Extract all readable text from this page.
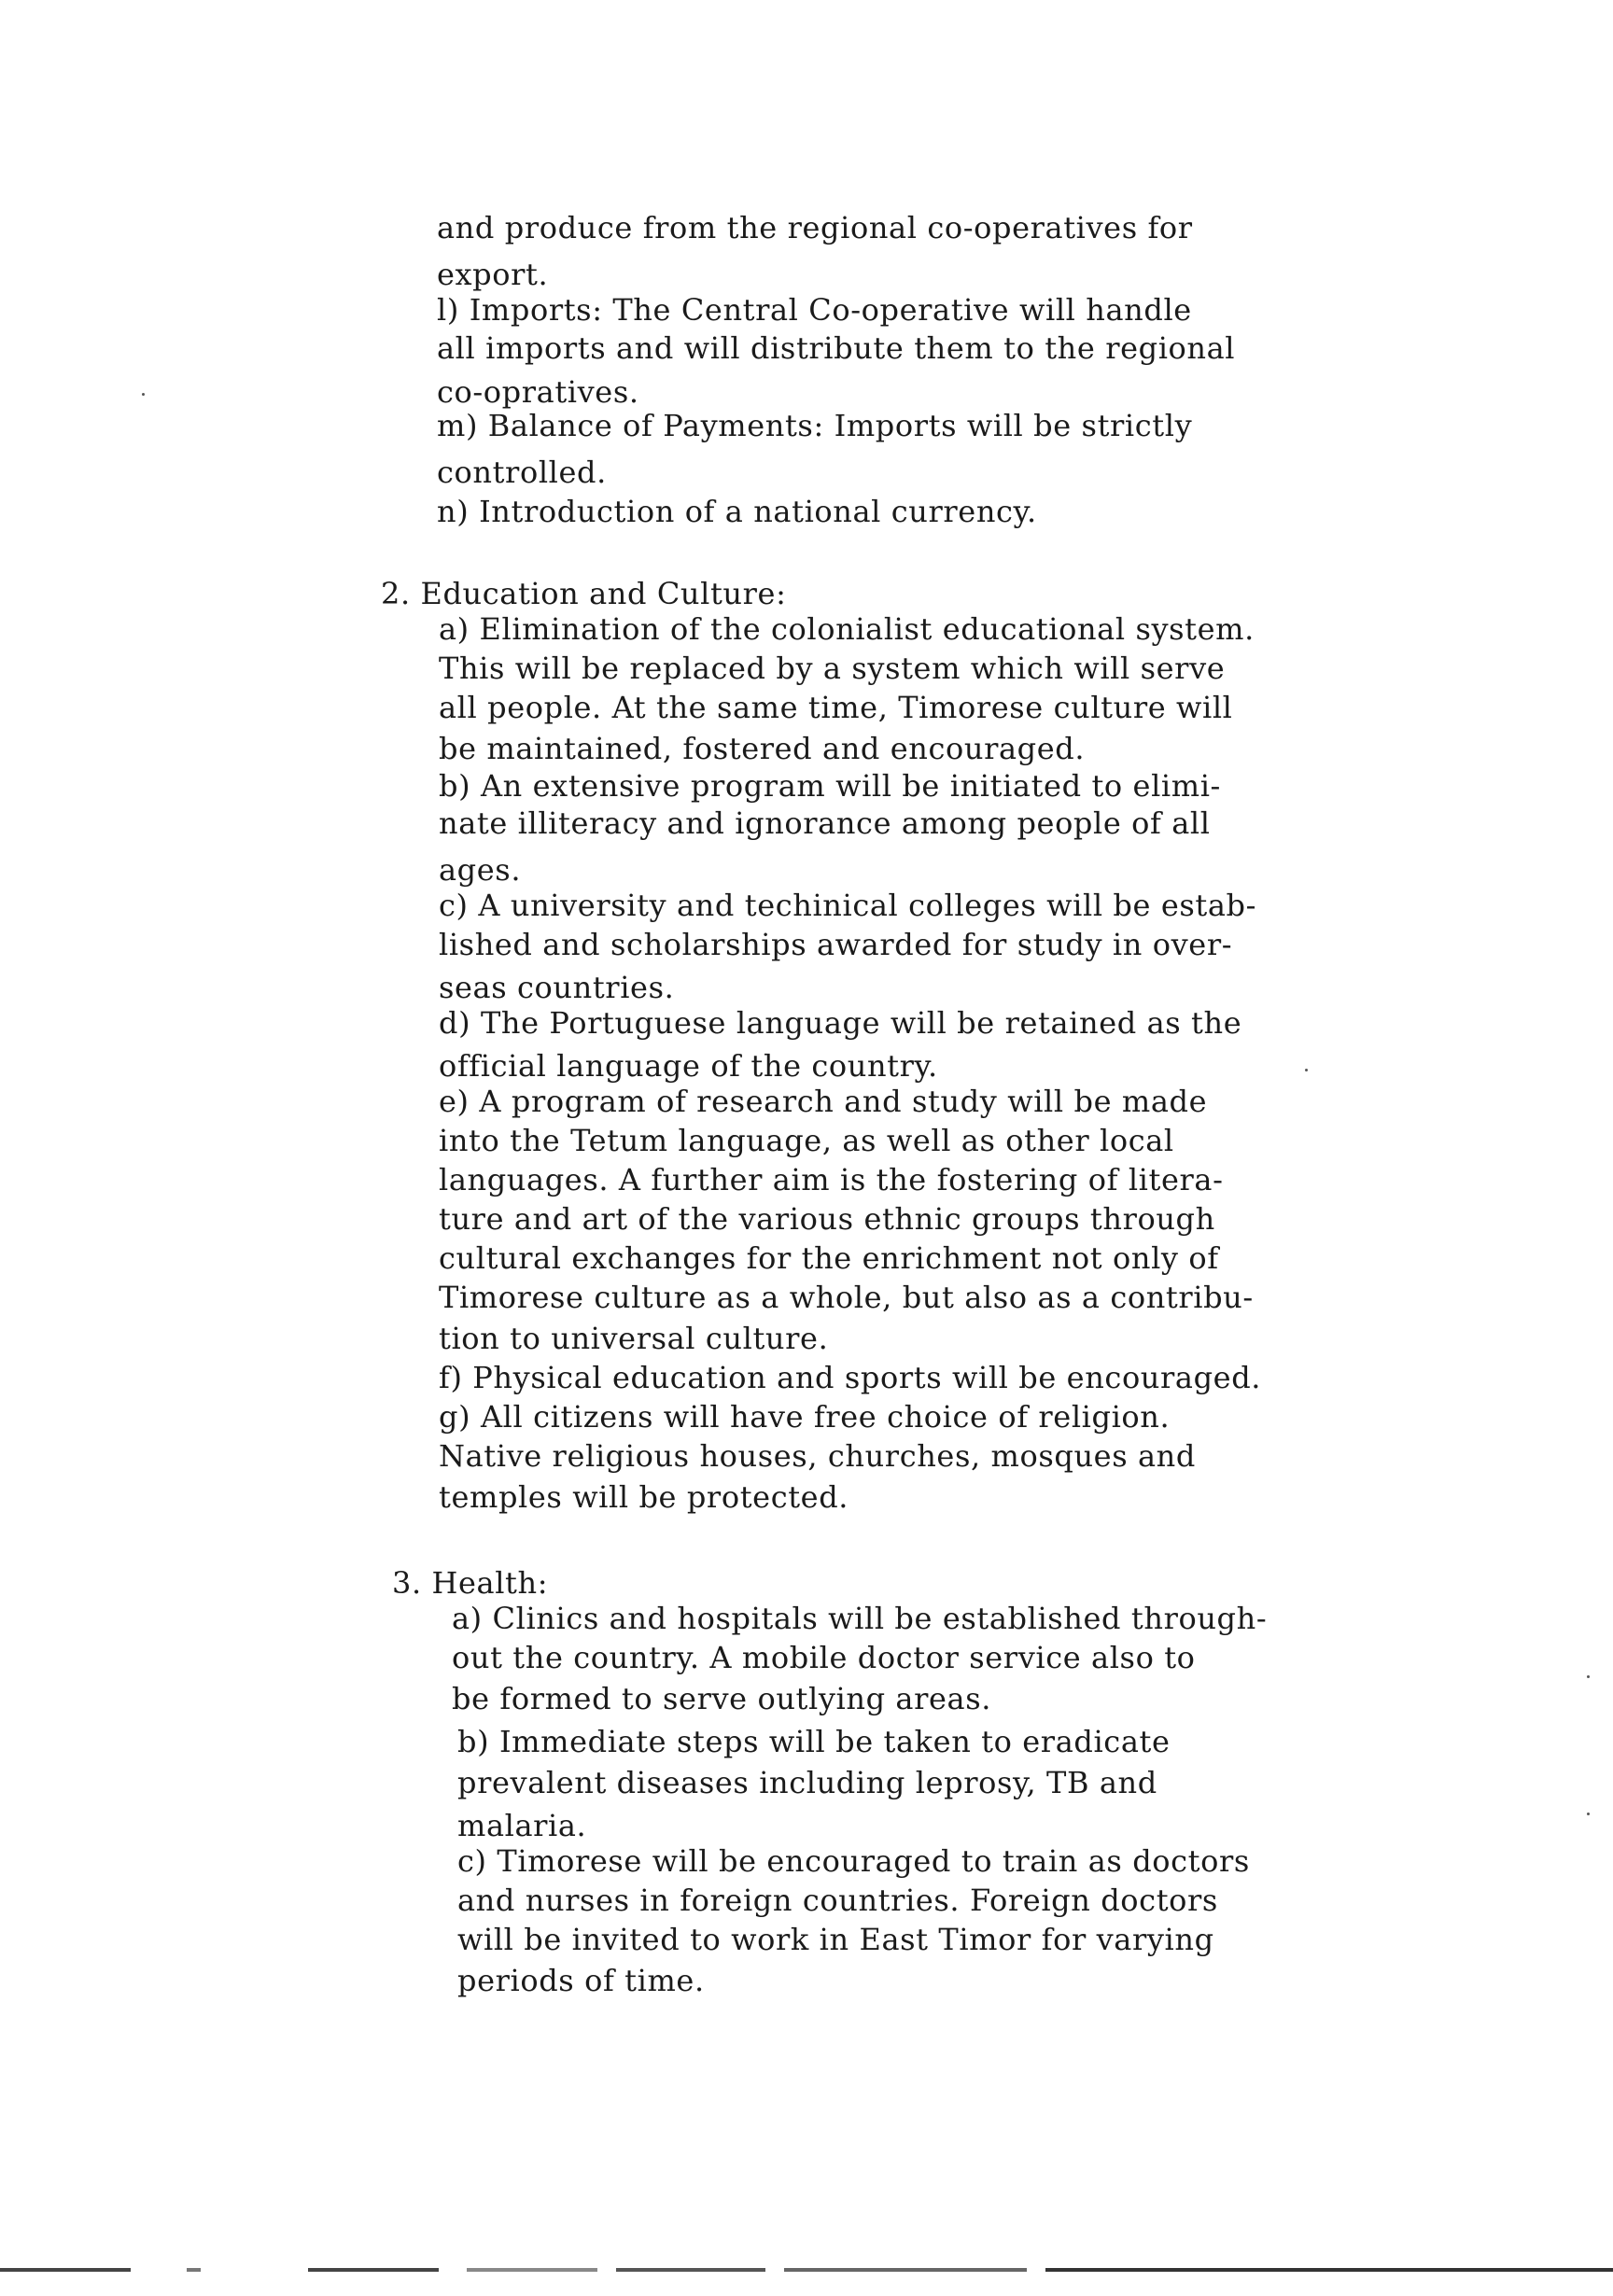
and produce from the regional co-operatives for
export.
l) Imports: The Central Co-operative will handle
all imports and will distribute them to the regional
co-opratives.
m) Balance of Payments: Imports will be strictly
controlled.
n) Introduction of a national currency.
2. Education and Culture:
a) Elimination of the colonialist educational system.
This will be replaced by a system which will serve
all people. At the same time, Timorese culture will
be maintained, fostered and encouraged.
b) An extensive program will be initiated to elimi-
nate illiteracy and ignorance among people of all
ages.
c) A university and techinical colleges will be estab-
lished and scholarships awarded for study in over-
seas countries.
d) The Portuguese language will be retained as the
official language of the country.
e) A program of research and study will be made
into the Tetum language, as well as other local
languages. A further aim is the fostering of litera-
ture and art of the various ethnic groups through
cultural exchanges for the enrichment not only of
Timorese culture as a whole, but also as a contribu-
tion to universal culture.
f) Physical education and sports will be encouraged.
g) All citizens will have free choice of religion.
Native religious houses, churches, mosques and
temples will be protected.
3. Health:
a) Clinics and hospitals will be established through-
out the country. A mobile doctor service also to
be formed to serve outlying areas.
b) Immediate steps will be taken to eradicate
prevalent diseases including leprosy, TB and
malaria.
c) Timorese will be encouraged to train as doctors
and nurses in foreign countries. Foreign doctors
will be invited to work in East Timor for varying
periods of time.
